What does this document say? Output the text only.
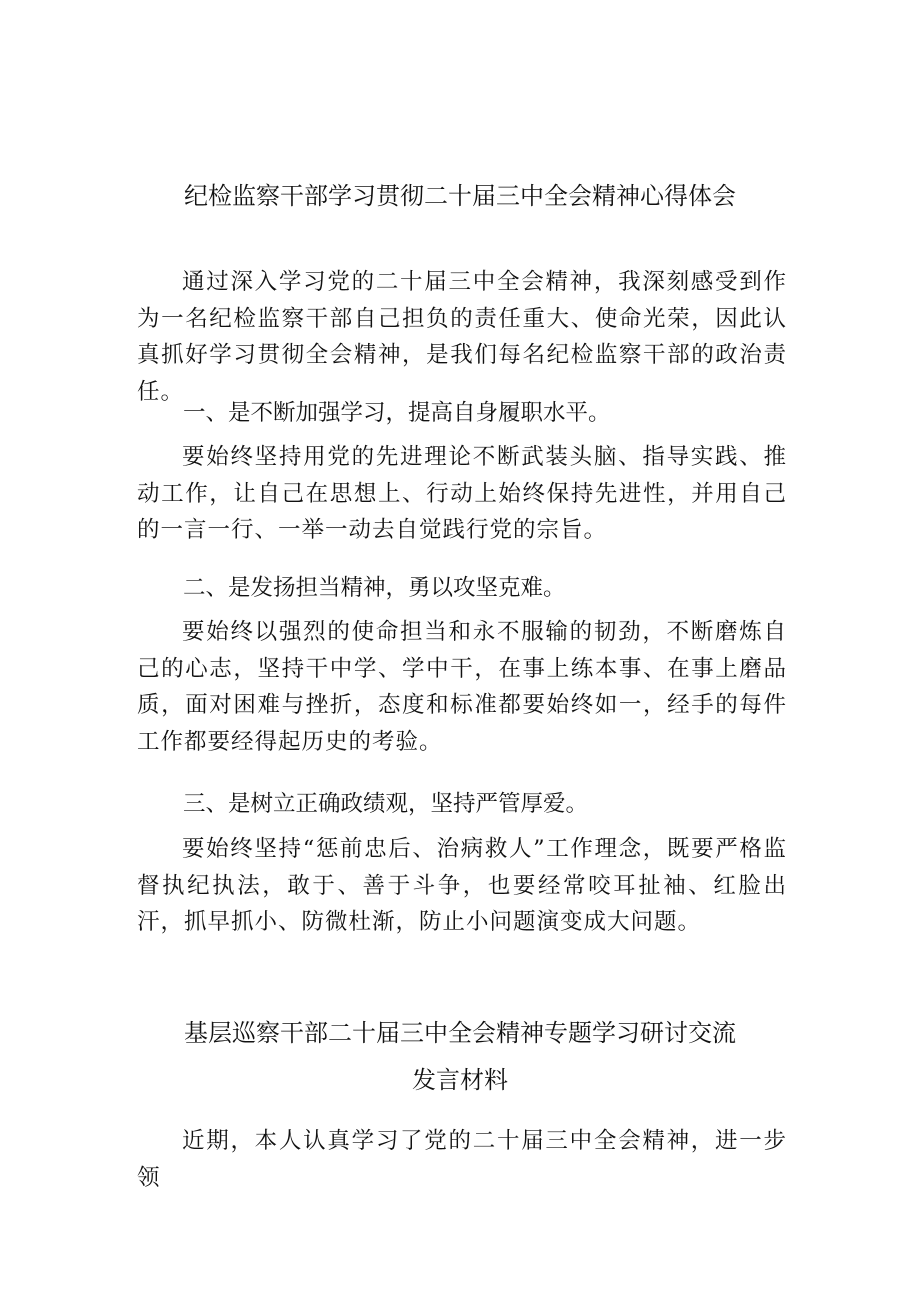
纪检监察干部学习贯彻二十届三中全会精神心得体会
通过深入学习党的二十届三中全会精神，我深刻感受到作为一名纪检监察干部自己担负的责任重大、使命光荣，因此认真抓好学习贯彻全会精神，是我们每名纪检监察干部的政治责任。
一、是不断加强学习，提高自身履职水平。
要始终坚持用党的先进理论不断武装头脑、指导实践、推动工作，让自己在思想上、行动上始终保持先进性，并用自己的一言一行、一举一动去自觉践行党的宗旨。
二、是发扬担当精神，勇以攻坚克难。
要始终以强烈的使命担当和永不服输的韧劲，不断磨炼自己的心志，坚持干中学、学中干，在事上练本事、在事上磨品质，面对困难与挫折，态度和标准都要始终如一，经手的每件工作都要经得起历史的考验。
三、是树立正确政绩观，坚持严管厚爱。
要始终坚持“惩前忠后、治病救人”工作理念，既要严格监督执纪执法，敢于、善于斗争，也要经常咬耳扯袖、红脸出汗，抓早抓小、防微杜渐，防止小问题演变成大问题。
基层巡察干部二十届三中全会精神专题学习研讨交流
发言材料
近期，本人认真学习了党的二十届三中全会精神，进一步领
